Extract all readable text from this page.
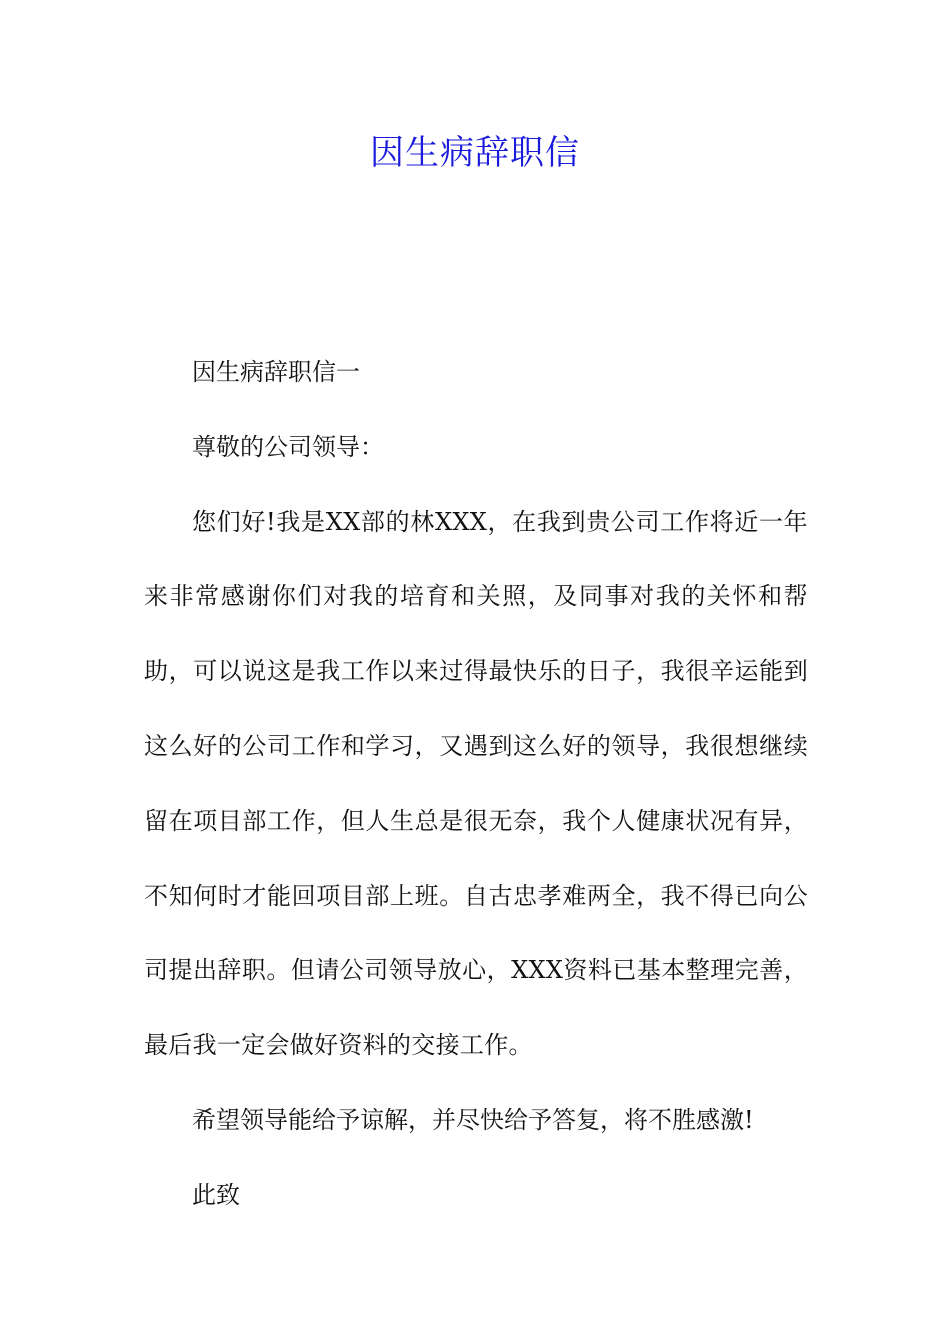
因生病辞职信

因生病辞职信一

尊敬的公司领导：

您们好!我是XX部的林XXX，在我到贵公司工作将近一年来非常感谢你们对我的培育和关照，及同事对我的关怀和帮助，可以说这是我工作以来过得最快乐的日子，我很辛运能到这么好的公司工作和学习，又遇到这么好的领导，我很想继续留在项目部工作，但人生总是很无奈，我个人健康状况有异，不知何时才能回项目部上班。自古忠孝难两全，我不得已向公司提出辞职。但请公司领导放心，XXX资料已基本整理完善，最后我一定会做好资料的交接工作。

希望领导能给予谅解，并尽快给予答复，将不胜感激!

此致
